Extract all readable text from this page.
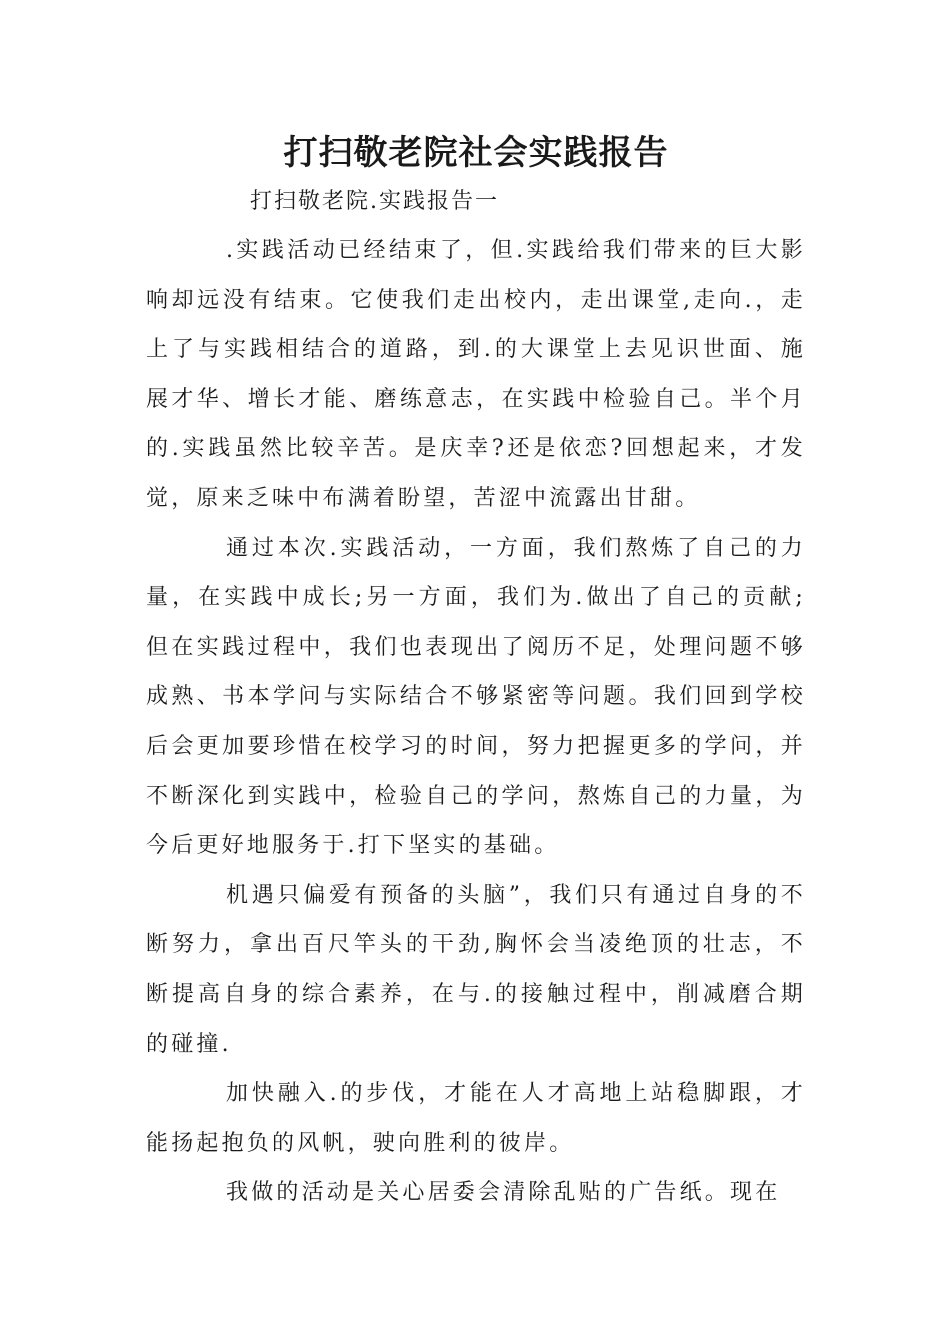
打扫敬老院社会实践报告

打扫敬老院.实践报告一

.实践活动已经结束了，但.实践给我们带来的巨大影响却远没有结束。它使我们走出校内，走出课堂,走向.，走上了与实践相结合的道路，到.的大课堂上去见识世面、施展才华、增长才能、磨练意志，在实践中检验自己。半个月的.实践虽然比较辛苦。是庆幸?还是依恋?回想起来，才发觉，原来乏味中布满着盼望，苦涩中流露出甘甜。

通过本次.实践活动，一方面，我们熬炼了自己的力量，在实践中成长;另一方面，我们为.做出了自己的贡献;但在实践过程中，我们也表现出了阅历不足，处理问题不够成熟、书本学问与实际结合不够紧密等问题。我们回到学校后会更加要珍惜在校学习的时间，努力把握更多的学问，并不断深化到实践中，检验自己的学问，熬炼自己的力量，为今后更好地服务于.打下坚实的基础。

机遇只偏爱有预备的头脑”，我们只有通过自身的不断努力，拿出百尺竿头的干劲,胸怀会当凌绝顶的壮志，不断提高自身的综合素养，在与.的接触过程中，削减磨合期的碰撞.

加快融入.的步伐，才能在人才高地上站稳脚跟，才能扬起抱负的风帆，驶向胜利的彼岸。

我做的活动是关心居委会清除乱贴的广告纸。现在
